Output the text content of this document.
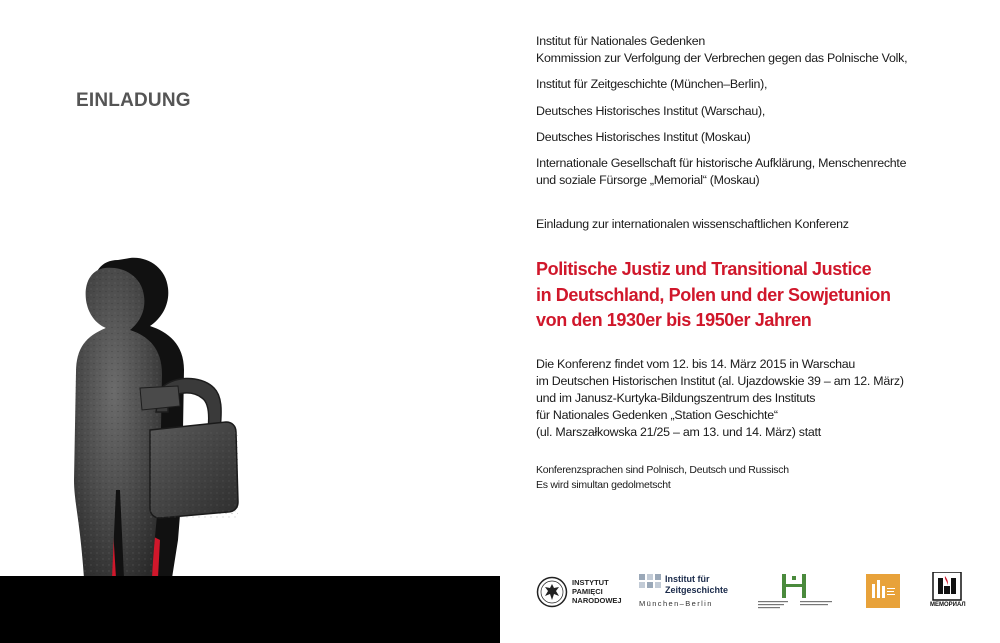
EINLADUNG
Institut für Nationales Gedenken
Kommission zur Verfolgung der Verbrechen gegen das Polnische Volk,
Institut für Zeitgeschichte (München–Berlin),
Deutsches Historisches Institut (Warschau),
Deutsches Historisches Institut (Moskau)
Internationale Gesellschaft für historische Aufklärung, Menschenrechte
und soziale Fürsorge „Memorial“ (Moskau)
Einladung zur internationalen wissenschaftlichen Konferenz
Politische Justiz und Transitional Justice
in Deutschland, Polen und der Sowjetunion
von den 1930er bis 1950er Jahren
Die Konferenz findet vom 12. bis 14. März 2015 in Warschau
im Deutschen Historischen Institut (al. Ujazdowskie 39 – am 12. März)
und im Janusz-Kurtyka-Bildungszentrum des Instituts
für Nationales Gedenken „Station Geschichte“
(ul. Marszałkowska 21/25 – am 13. und 14. März) statt
Konferenzsprachen sind Polnisch, Deutsch und Russisch
Es wird simultan gedolmetscht
INSTYTUT
PAMIĘCI
NARODOWEJ
Institut für
Zeitgeschichte
München–Berlin	МЕМОРИАЛ
